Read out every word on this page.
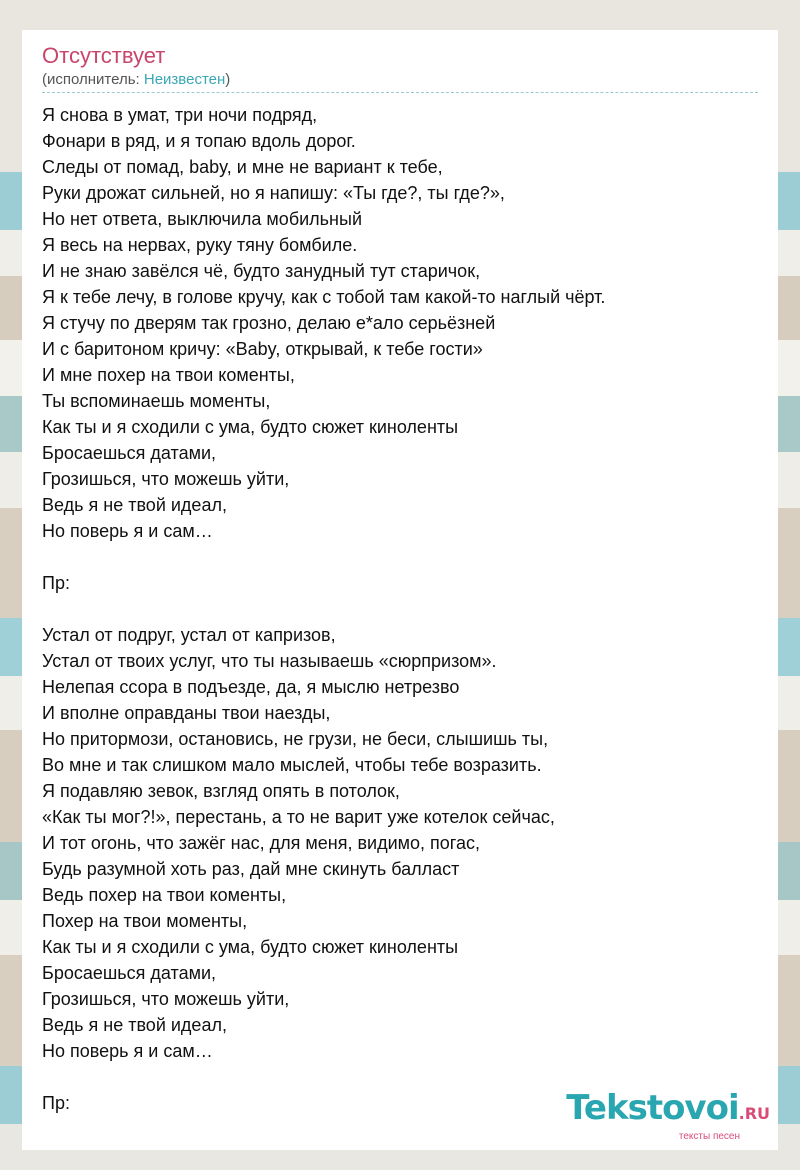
Отсутствует
(исполнитель: Неизвестен)
Я снова в умат, три ночи подряд,
Фонари в ряд, и я топаю вдоль дорог.
Следы от помад, baby, и мне не вариант к тебе,
Руки дрожат сильней, но я напишу: «Ты где?, ты где?»,
Но нет ответа, выключила мобильный
Я весь на нервах, руку тяну бомбиле.
И не знаю завёлся чё, будто занудный тут старичок,
Я к тебе лечу, в голове кручу, как с тобой там какой-то наглый чёрт.
Я стучу по дверям так грозно, делаю е*ало серьёзней
И с баритоном кричу: «Baby, открывай, к тебе гости»
И мне похер на твои коменты,
Ты вспоминаешь моменты,
Как ты и я сходили с ума, будто сюжет киноленты
Бросаешься датами,
Грозишься, что можешь уйти,
Ведь я не твой идеал,
Но поверь я и сам…
Пр:
Устал от подруг, устал от капризов,
Устал от твоих услуг, что ты называешь «сюрпризом».
Нелепая ссора в подъезде, да, я мыслю нетрезво
И вполне оправданы твои наезды,
Но притормози, остановись, не грузи, не беси, слышишь ты,
Во мне и так слишком мало мыслей, чтобы тебе возразить.
Я подавляю зевок, взгляд опять в потолок,
«Как ты мог?!», перестань, а то не варит уже котелок сейчас,
И тот огонь, что зажёг нас, для меня, видимо, погас,
Будь разумной хоть раз, дай мне скинуть балласт
Ведь похер на твои коменты,
Похер на твои моменты,
Как ты и я сходили с ума, будто сюжет киноленты
Бросаешься датами,
Грозишься, что можешь уйти,
Ведь я не твой идеал,
Но поверь я и сам…
Пр:	Tekstovoi.RU
тексты песен
